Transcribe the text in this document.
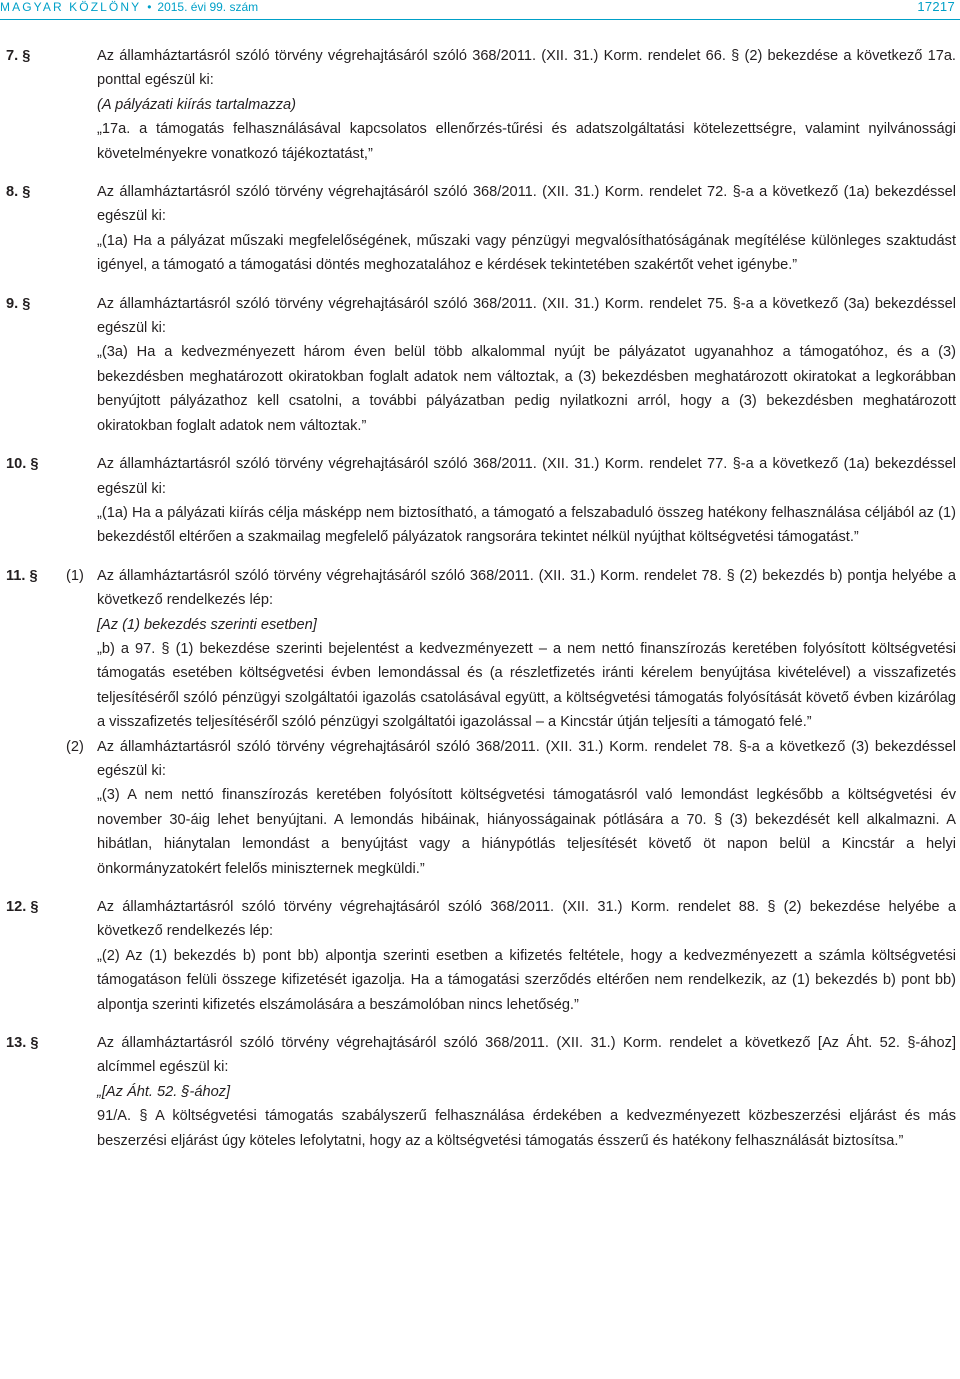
MAGYAR KÖZLÖNY • 2015. évi 99. szám	17217
7. §	Az államháztartásról szóló törvény végrehajtásáról szóló 368/2011. (XII. 31.) Korm. rendelet 66. § (2) bekezdése a következő 17a. ponttal egészül ki:

(A pályázati kiírás tartalmazza)

„17a. a támogatás felhasználásával kapcsolatos ellenőrzés-tűrési és adatszolgáltatási kötelezettségre, valamint nyilvánossági követelményekre vonatkozó tájékoztatást,”

8. §	Az államháztartásról szóló törvény végrehajtásáról szóló 368/2011. (XII. 31.) Korm. rendelet 72. §-a a következő (1a) bekezdéssel egészül ki:

„(1a) Ha a pályázat műszaki megfelelőségének, műszaki vagy pénzügyi megvalósíthatóságának megítélése különleges szaktudást igényel, a támogató a támogatási döntés meghozatalához e kérdések tekintetében szakértőt vehet igénybe.”

9. §	Az államháztartásról szóló törvény végrehajtásáról szóló 368/2011. (XII. 31.) Korm. rendelet 75. §-a a következő (3a) bekezdéssel egészül ki:

„(3a) Ha a kedvezményezett három éven belül több alkalommal nyújt be pályázatot ugyanahhoz a támogatóhoz, és a (3) bekezdésben meghatározott okiratokban foglalt adatok nem változtak, a (3) bekezdésben meghatározott okiratokat a legkorábban benyújtott pályázathoz kell csatolni, a további pályázatban pedig nyilatkozni arról, hogy a (3) bekezdésben meghatározott okiratokban foglalt adatok nem változtak.”

10. §	Az államháztartásról szóló törvény végrehajtásáról szóló 368/2011. (XII. 31.) Korm. rendelet 77. §-a a következő (1a) bekezdéssel egészül ki:

„(1a) Ha a pályázati kiírás célja másképp nem biztosítható, a támogató a felszabaduló összeg hatékony felhasználása céljából az (1) bekezdéstől eltérően a szakmailag megfelelő pályázatok rangsorára tekintet nélkül nyújthat költségvetési támogatást.”

11. § (1) Az államháztartásról szóló törvény végrehajtásáról szóló 368/2011. (XII. 31.) Korm. rendelet 78. § (2) bekezdés b) pontja helyébe a következő rendelkezés lép:

[Az (1) bekezdés szerinti esetben]

„b) a 97. § (1) bekezdése szerinti bejelentést a kedvezményezett – a nem nettó finanszírozás keretében folyósított költségvetési támogatás esetében költségvetési évben lemondással és (a részletfizetés iránti kérelem benyújtása kivételével) a visszafizetés teljesítéséről szóló pénzügyi szolgáltatói igazolás csatolásával együtt, a költségvetési támogatás folyósítását követő évben kizárólag a visszafizetés teljesítéséről szóló pénzügyi szolgáltatói igazolással – a Kincstár útján teljesíti a támogató felé.”

(2) Az államháztartásról szóló törvény végrehajtásáról szóló 368/2011. (XII. 31.) Korm. rendelet 78. §-a a következő (3) bekezdéssel egészül ki:

„(3) A nem nettó finanszírozás keretében folyósított költségvetési támogatásról való lemondást legkésőbb a költségvetési év november 30-áig lehet benyújtani. A lemondás hibáinak, hiányosságainak pótlására a 70. § (3) bekezdését kell alkalmazni. A hibátlan, hiánytalan lemondást a benyújtást vagy a hiánypótlás teljesítését követő öt napon belül a Kincstár a helyi önkormányzatokért felelős miniszternek megküldi.”

12. §	Az államháztartásról szóló törvény végrehajtásáról szóló 368/2011. (XII. 31.) Korm. rendelet 88. § (2) bekezdése helyébe a következő rendelkezés lép:

„(2) Az (1) bekezdés b) pont bb) alpontja szerinti esetben a kifizetés feltétele, hogy a kedvezményezett a számla költségvetési támogatáson felüli összege kifizetését igazolja. Ha a támogatási szerződés eltérően nem rendelkezik, az (1) bekezdés b) pont bb) alpontja szerinti kifizetés elszámolására a beszámolóban nincs lehetőség.”

13. §	Az államháztartásról szóló törvény végrehajtásáról szóló 368/2011. (XII. 31.) Korm. rendelet a következő [Az Áht. 52. §-ához] alcímmel egészül ki:

„[Az Áht. 52. §-ához]

91/A. § A költségvetési támogatás szabályszerű felhasználása érdekében a kedvezményezett közbeszerzési eljárást és más beszerzési eljárást úgy köteles lefolytatni, hogy az a költségvetési támogatás ésszerű és hatékony felhasználását biztosítsa.”
